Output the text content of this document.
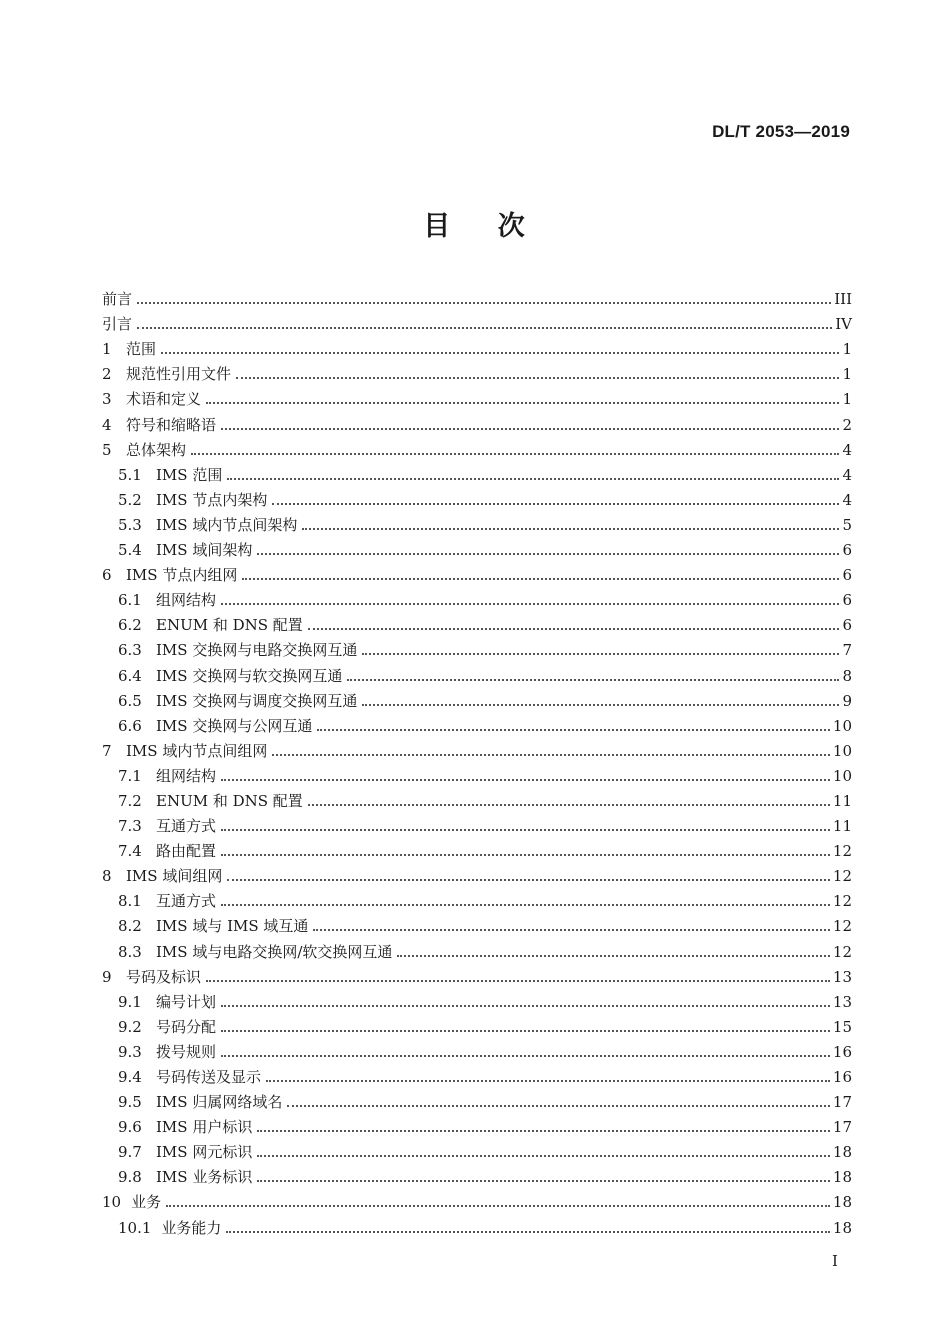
DL/T 2053—2019
目 次
前言	III
引言	IV
1 范围	1
2 规范性引用文件	1
3 术语和定义	1
4 符号和缩略语	2
5 总体架构	4
5.1 IMS 范围	4
5.2 IMS 节点内架构	4
5.3 IMS 域内节点间架构	5
5.4 IMS 域间架构	6
6 IMS 节点内组网	6
6.1 组网结构	6
6.2 ENUM 和 DNS 配置	6
6.3 IMS 交换网与电路交换网互通	7
6.4 IMS 交换网与软交换网互通	8
6.5 IMS 交换网与调度交换网互通	9
6.6 IMS 交换网与公网互通	10
7 IMS 域内节点间组网	10
7.1 组网结构	10
7.2 ENUM 和 DNS 配置	11
7.3 互通方式	11
7.4 路由配置	12
8 IMS 域间组网	12
8.1 互通方式	12
8.2 IMS 域与 IMS 域互通	12
8.3 IMS 域与电路交换网/软交换网互通	12
9 号码及标识	13
9.1 编号计划	13
9.2 号码分配	15
9.3 拨号规则	16
9.4 号码传送及显示	16
9.5 IMS 归属网络域名	17
9.6 IMS 用户标识	17
9.7 IMS 网元标识	18
9.8 IMS 业务标识	18
10 业务	18
10.1 业务能力	18
I
